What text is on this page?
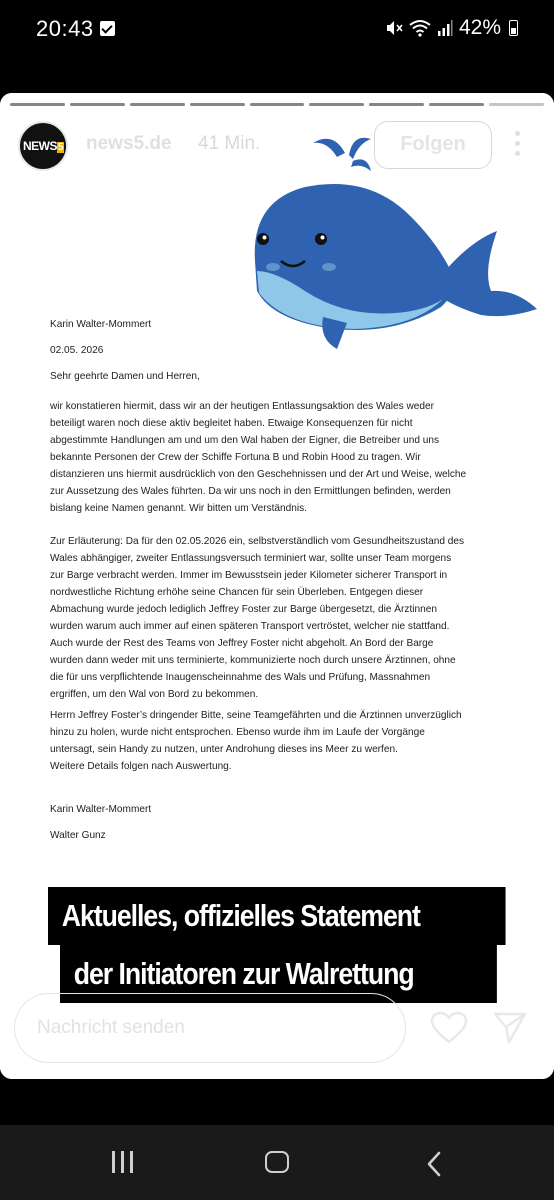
20:43	42%

Karin Walter-Mommert

02.05. 2026

Sehr geehrte Damen und Herren,

wir konstatieren hiermit, dass wir an der heutigen Entlassungsaktion des Wales weder

beteiligt waren noch diese aktiv begleitet haben. Etwaige Konsequenzen für nicht

abgestimmte Handlungen am und um den Wal haben der Eigner, die Betreiber und uns

bekannte Personen der Crew der Schiffe Fortuna B und Robin Hood zu tragen. Wir

distanzieren uns hiermit ausdrücklich von den Geschehnissen und der Art und Weise, welche

zur Aussetzung des Wales führten. Da wir uns noch in den Ermittlungen befinden, werden

bislang keine Namen genannt. Wir bitten um Verständnis.

Zur Erläuterung: Da für den 02.05.2026 ein, selbstverständlich vom Gesundheitszustand des

Wales abhängiger, zweiter Entlassungsversuch terminiert war, sollte unser Team morgens

zur Barge verbracht werden. Immer im Bewusstsein jeder Kilometer sicherer Transport in

nordwestliche Richtung erhöhe seine Chancen für sein Überleben. Entgegen dieser

Abmachung wurde jedoch lediglich Jeffrey Foster zur Barge übergesetzt, die Ärztinnen

wurden warum auch immer auf einen späteren Transport vertröstet, welcher nie stattfand.

Auch wurde der Rest des Teams von Jeffrey Foster nicht abgeholt. An Bord der Barge

wurden dann weder mit uns terminierte, kommunizierte noch durch unsere Ärztinnen, ohne

die für uns verpflichtende Inaugenscheinnahme des Wals und Prüfung, Massnahmen

ergriffen, um den Wal von Bord zu bekommen.

Herrn Jeffrey Foster’s dringender Bitte, seine Teamgefährten und die Ärztinnen unverzüglich

hinzu zu holen, wurde nicht entsprochen. Ebenso wurde ihm im Laufe der Vorgänge

untersagt, sein Handy zu nutzen, unter Androhung dieses ins Meer zu werfen.

Weitere Details folgen nach Auswertung.

Karin Walter-Mommert

Walter Gunz

Aktuelles, offizielles Statement
der Initiatoren zur Walrettung
NEWS5 news5.de 41 Min.	Folgen
Nachricht senden
